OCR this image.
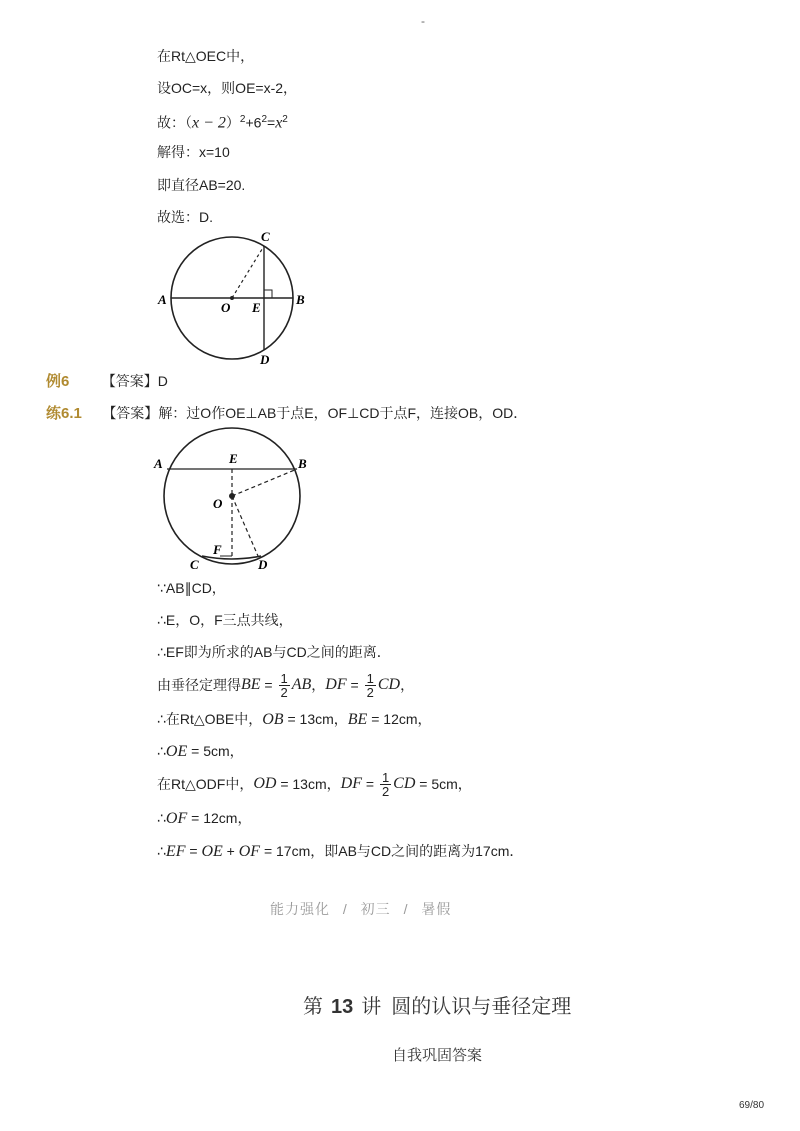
-
在Rt△OEC中，
设OC=x，则OE=x-2，
故：$(x - 2)^2+6^2=x^2$
解得：x=10
即直径AB=20.
故选：D.
A	B
C
D
O E
例6 【答案】D
练6.1 【答案】解：过O作OE⊥AB于点E，OF⊥CD于点F，连接OB，OD．
A	B
E
O
F
C	D
∵AB∥CD，
∴E，O，F三点共线，
∴EF即为所求的AB与CD之间的距离．
由垂径定理得 BE = $\frac{1}{2}$ AB ， DF = $\frac{1}{2}$ CD ，
∴在Rt△OBE中，OB = 13cm，BE = 12cm，
∴OE = 5cm，
在Rt△ODF中， OD = 13cm， DF = $\frac{1}{2}$ CD = 5cm，
∴OF = 12cm，
∴EF = OE + OF = 17cm，即AB与CD之间的距离为17cm．
能力强化 / 初三 / 暑假
第 13 讲  圆的认识与垂径定理
自我巩固答案
69/80
